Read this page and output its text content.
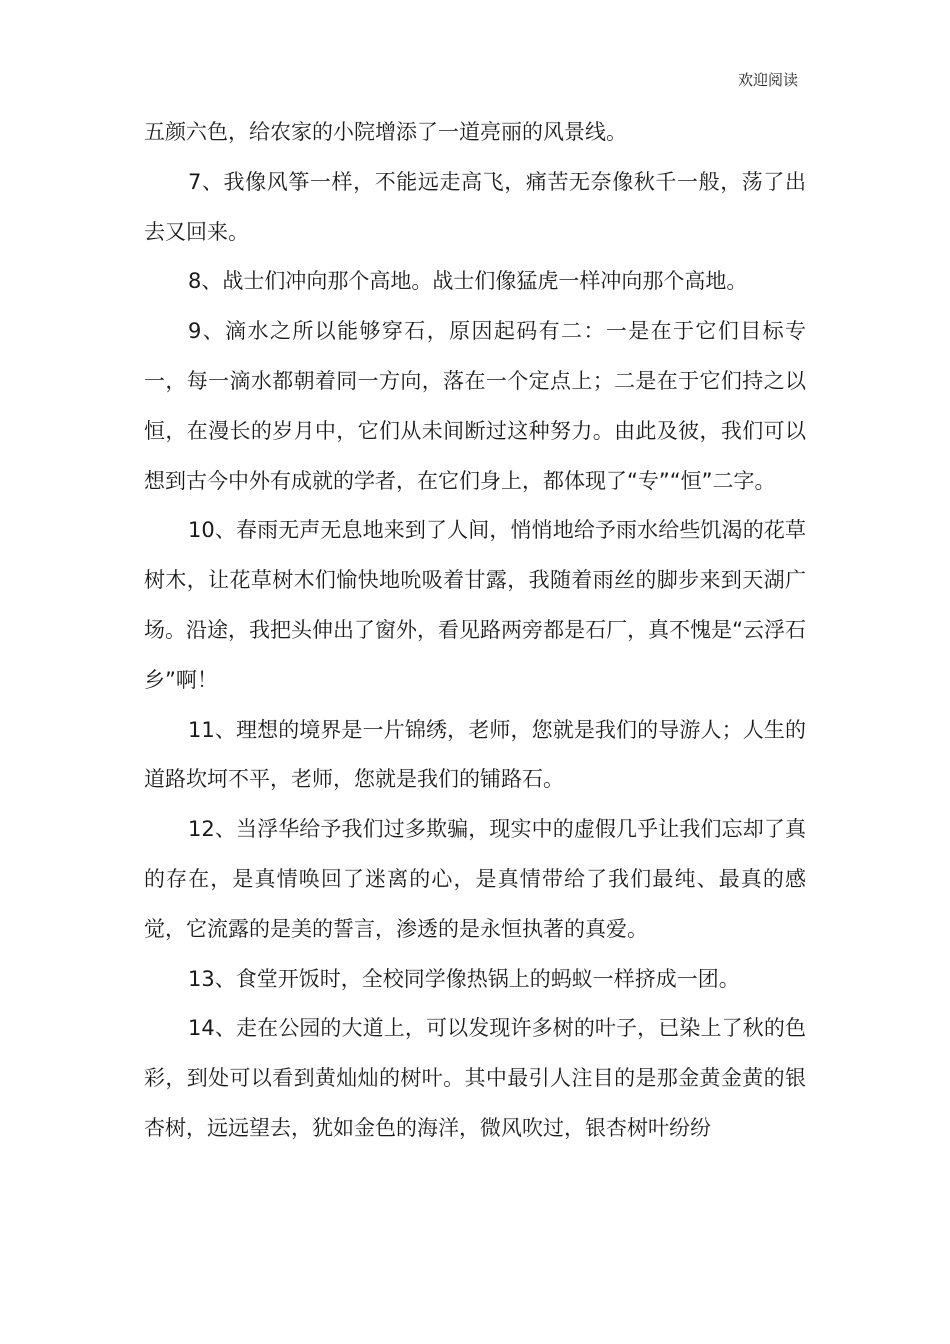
欢迎阅读

五颜六色，给农家的小院增添了一道亮丽的风景线。

7、我像风筝一样，不能远走高飞，痛苦无奈像秋千一般，荡了出去又回来。

8、战士们冲向那个高地。战士们像猛虎一样冲向那个高地。

9、滴水之所以能够穿石，原因起码有二：一是在于它们目标专一，每一滴水都朝着同一方向，落在一个定点上；二是在于它们持之以恒，在漫长的岁月中，它们从未间断过这种努力。由此及彼，我们可以想到古今中外有成就的学者，在它们身上，都体现了“专”“恒”二字。

10、春雨无声无息地来到了人间，悄悄地给予雨水给些饥渴的花草树木，让花草树木们愉快地吮吸着甘露，我随着雨丝的脚步来到天湖广场。沿途，我把头伸出了窗外，看见路两旁都是石厂，真不愧是“云浮石乡”啊！

11、理想的境界是一片锦绣，老师，您就是我们的导游人；人生的道路坎坷不平，老师，您就是我们的铺路石。

12、当浮华给予我们过多欺骗，现实中的虚假几乎让我们忘却了真的存在，是真情唤回了迷离的心，是真情带给了我们最纯、最真的感觉，它流露的是美的誓言，渗透的是永恒执著的真爱。

13、食堂开饭时，全校同学像热锅上的蚂蚁一样挤成一团。

14、走在公园的大道上，可以发现许多树的叶子，已染上了秋的色彩，到处可以看到黄灿灿的树叶。其中最引人注目的是那金黄金黄的银杏树，远远望去，犹如金色的海洋，微风吹过，银杏树叶纷纷
